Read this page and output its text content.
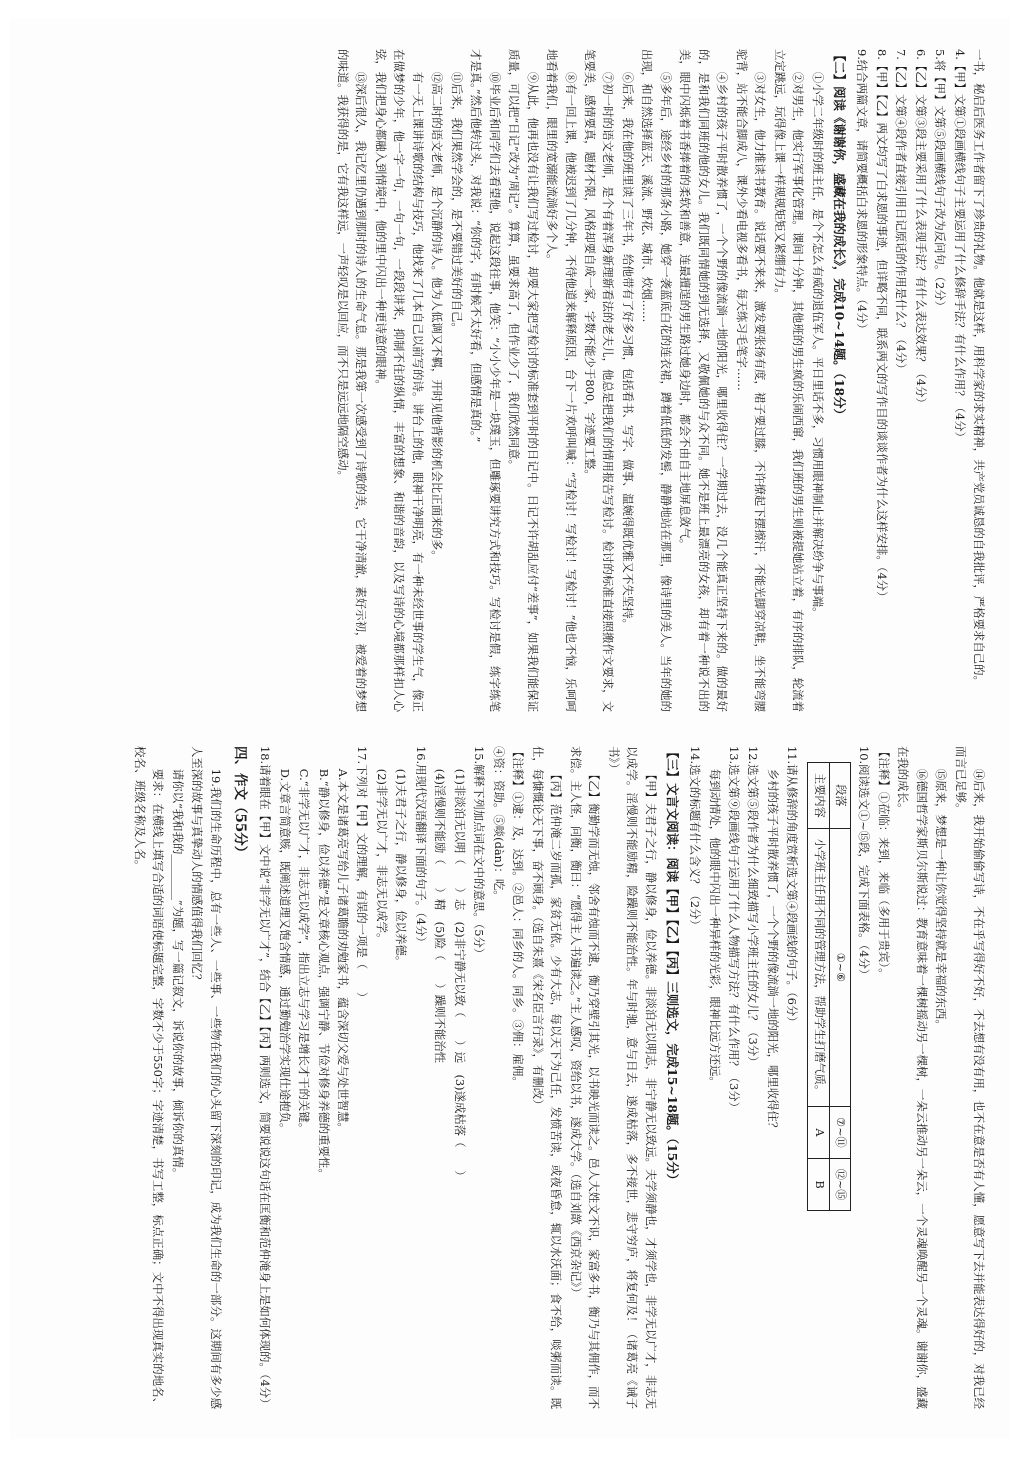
一书，秘启后医务工作者留下了珍贵的礼物。他就是这样，用科学家的求实精神，共产党员诚恳的自我批评，严格要求自己的。

4.【甲】文第①段画横线句子主要运用了什么修辞手法？有什么作用？（4分）

5.将【甲】文第⑤段画横线句子改为反问句。（2分）

6.【乙】文第③段主要采用了什么表现手法？有什么表达效果？（4分）

7.【乙】文第④段作者直接引用日记原话的作用是什么？（4分）

8.【甲】【乙】两文均写了白求恩的事迹，但详略不同，联系两文的写作目的谈谈作者为什么这样安排。（4分）

9.结合两篇文章，请简要概括白求恩的形象特点。（4分）

【二】阅读《谢谢你，盛藏在我的成长》，完成10~14题。（18分）

①小学二年级时的班主任，是个不怎么有威的退伍军人。平日里话不多，习惯用眼神制止并解决纷争与事端。

②对男生，他实行军事化管理。课间十分钟，其他班的男生疯的乐闹西窜，我们班的男生则被提她站立着，有序的排队，轮流着立定跳远，玩得像上课一样规规矩矩又紧绷有力。

③对女生，他力推读书教育。说话要不来来，激发要张扬有度，裙子要过膝，不许撩起下摆擦汗，不能光脚穿凉鞋，坐不能弯腰驼背，站不能合脚成八，课外少看电视多看书，每天练习毛笔字……

④乡村的孩子平时散养惯了，一个个野的像流淌一地的阳光，哪里收得住？一学期过去，没几个能真正坚持下来的。做的最好的，是和我们同班的他的女儿。我们既同情她的到无选择，又敬佩她的与众不同。她不是班上最漂亮的女孩，却有着一种说不出的美，眼中闪烁着书香捧着的柔软和善意，连最擅逞的男生路过她身边时，都会不由自主地屏息敛气。

⑤多年后，途经乡村的那条小路，她穿一袭蓝底白花的连衣裙，蹲着低低的发髻，静静地站在那里，像诗里的美人。当年的她的出现，和自然选择蓝天、溪流、野花、城市、炊烟……

⑥后来，我在他的班里读了三年书，给他带有了好多习惯，包括看书、写字、做事、温婉得既优雅又不失坚持。

⑦初一时的语文老师，是个有着浑身新理新看法的老夫儿，他总是把我们的情用报告写检讨。检讨的标准直接照搬作文要求，文笔要美，感情要真，题材不限，风格却要自成一家，字数不能少于800，字迹要工整。

⑧有一回上课，他被迟到了几分钟，不待他道来解释原因，台下一片欢呼叫喊：“写检讨！写检讨！写检讨！”他也不恼，乐呵呵地看着我们，眼里的宽溺能流淌好多个人。

⑨从此，他再也没有让我们写过检讨，却要大家把写检讨的标准套到平时的日记中。日记不许胡乱应付“差事”，如果我们能保证质量，可以把“日记”改为“周记”。算算，虽要求高了，但作业少了，我们欣然同意。

⑩毕业后和同学们去看望他，说起这段往事，他笑：“小小少年是一块璞玉，但雕琢要讲究方式和技巧。写检讨是假，练字练笔才是真。”然后他转过头，对我说：“你的字，有时候不太好看，但感情是真的。”

⑪后来，我们果然学会的，是不要错过美好的自己。

⑫高二时的语文老师，是个沉静的诗人。他为人低调又不羁，开时见他背影的机会比正面来的多。

有一天上课讲诗歌的结构与技巧，他找来了几本自己以前写的诗。讲台上的他，眼神干净明亮，有一种未经世事的学生气，像正在做梦的少年，他一字一句，一句一句，一段段讲来，抑制不住的纵情，丰富的想象、和谐的音韵，以及写诗的心境都那样扣人心弦，我们把身心都融入到情境中，他的里中闪出一种更诗意的眼神。

⑬深后很久，我记忆里仍遇到那时的诗人的生命气息。那是我第一次感受到了诗歌的美，它干净清澈，素好示初，被爱着的梦想的味道。我获得的是，它有我这样远，一声轻叹是以回应，而不只是远远地隔空感动。

⑭后来，我开始偷偷写诗，不在乎写得好不好，不去想有没有用，也不在意是否有人懂，愿意写下去并能表达得好的，对我已经而言已足够。

⑮原来，梦想是一种让你觉得坚持就是幸福的东西。

⑯德国哲学家斯贝尔斯说过：教育意味着一棵树摇动另一棵树，一朵云推动另一朵云，一个灵魂唤醒另一个灵魂。谢谢你，盛藏在我的成长。

【注释】①莅临：来到，来临（多用于贵宾）。

10.阅读选文①~⑮段，完成下面表格。（4分）

段落	①~⑥	⑦~⑪	⑫~⑮
主要内容	小学班主任用不同的管理方法，帮助学生打磨气质。	A	B

11.请从修辞的角度赏析选文第④段画线的句子。（6分）

乡村的孩子平时散养惯了，一个个野的像流淌一地的阳光，哪里收得住？

12.选文第⑤段作者为什么细致描写小学班主任的女儿？（3分）

13.选文第⑨段画线句子运用了什么人物描写方法？有什么作用？（3分）

每到动情处，他的眼中闪出一种异样的光彩，眼神比远方还远。

14.选文的标题有什么含义？（2分）

【三】文言文阅读：阅读【甲】【乙】【丙】三则选文，完成15~18题。（15分）

【甲】夫君子之行，静以修身，俭以养德。非淡泊无以明志，非宁静无以致远。夫学须静也，才须学也，非学无以广才，非志无以成学。淫慢则不能励精，险躁则不能治性。年与时驰，意与日去，遂成枯落，多不接世，悲守穷庐，将复何及！（诸葛亮《诫子书》）

【乙】衡勤学而无烛，邻舍有烛而不逮，衡乃穿壁引其光，以书映光而读之。邑人大姓文不识，家富多书，衡乃与其佣作，而不求偿。主人怪，问衡，衡曰：“愿得主人书遍读之。”主人感叹，资给以书，遂成大学。（选自刘歆《西京杂记》）

【丙】范仲淹二岁而孤，家贫无依。少有大志，每以天下为己任，发愤苦读，或夜昏怠，辄以水沃面；食不给，啖粥而读。既仕，每慷慨论天下事，奋不顾身。（选自朱熹《宋名臣言行录》，有删改）

【注释】①逮：及，达到。②邑人：同乡的人。同乡。③佣：雇佣。

④资：资助。⑤啖(dàn)：吃。

15.解释下列加点词在文中的意思。（5分）

(1)非淡泊无以明（　　）志　(2)非宁静无以致（　　）远　(3)遂成枯落（　　）

(4)淫慢则不能励（　　）精　(5)险（　　）躁则不能治性

16.用现代汉语翻译下面的句子。（4分）

(1)夫君子之行，静以修身，俭以养德。

(2)非学无以广才，非志无以成学。

17.下列对【甲】文的理解，有误的一项是（　　）

A.本文是诸葛亮写给儿子诸葛瞻的劝勉家书，蕴含深切父爱与处世智慧。

B.“静以修身，俭以养德”是文章核心观点，强调宁静、节俭对修身养德的重要性。

C.“非学无以广才，非志无以成学”，指出立志与学习是增长才干的关键。

D.文章言简意赅，既阐述道理又饱含情感，通过勤勉治学实现仕途抱负。

18.请着眼在【甲】文中说“非学无以广才”，结合【乙】【丙】两则选文，简要说说这句话在匡衡和范仲淹身上是如何体现的。（4分）

四、作文（55分）

19.我们的生命历程中，总有一些人、一些事、一些物在我们的心头留下深刻的印记，成为我们生命的一部分。这期间有多少感人至深的故事与真挚动人的情感值得我们回忆？

请你以“我和我的________”为题，写一篇记叙文，诉说你的故事，倾诉你的真情。

要求：在横线上填写合适的词语使标题完整，字数不少于550字；字迹清楚，书写工整，标点正确；文中不得出现真实的地名、校名、班级名称及人名。
